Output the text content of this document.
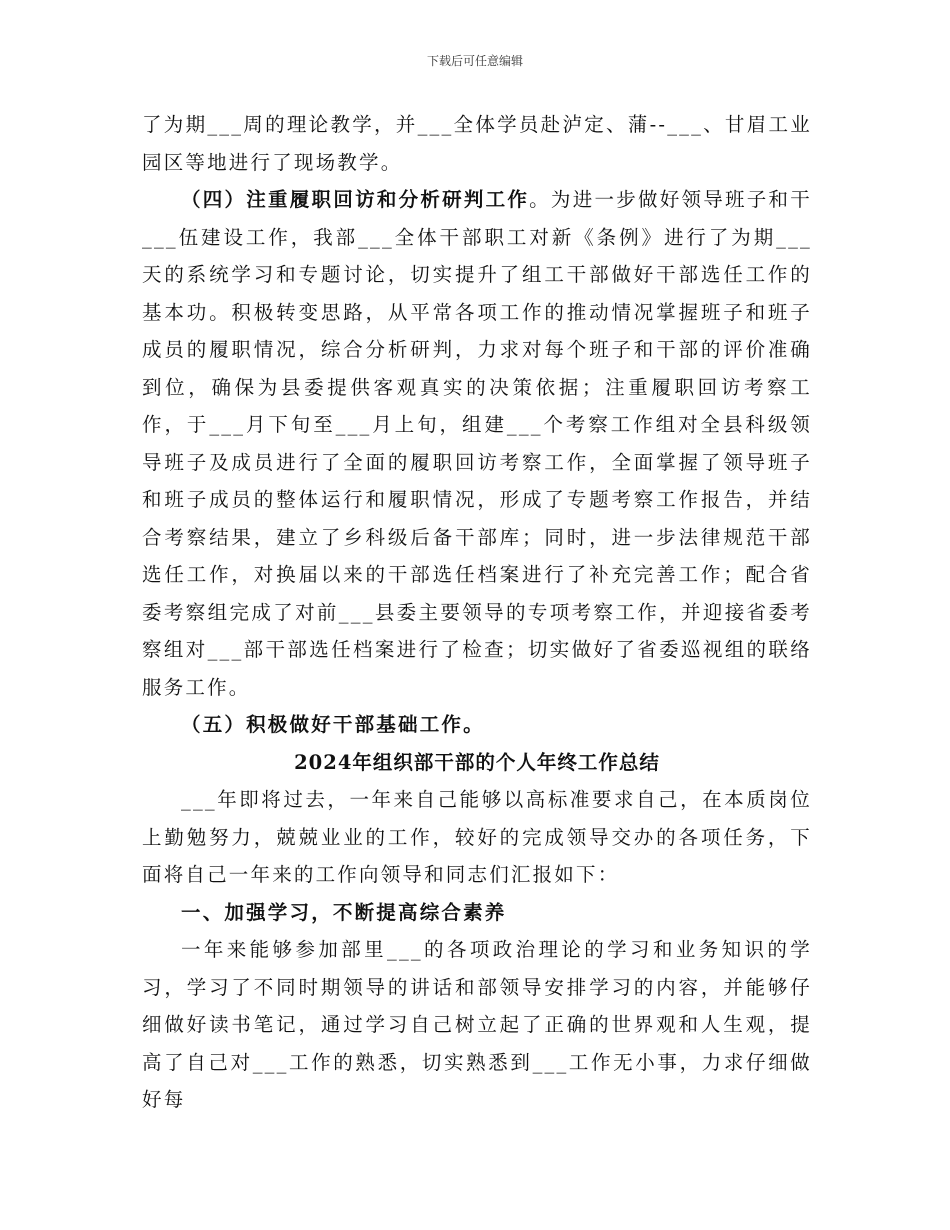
下载后可任意编辑

了为期___周的理论教学，并___全体学员赴泸定、蒲--___、甘眉工业园区等地进行了现场教学。

（四）注重履职回访和分析研判工作。为进一步做好领导班子和干___伍建设工作，我部___全体干部职工对新《条例》进行了为期___天的系统学习和专题讨论，切实提升了组工干部做好干部选任工作的基本功。积极转变思路，从平常各项工作的推动情况掌握班子和班子成员的履职情况，综合分析研判，力求对每个班子和干部的评价准确到位，确保为县委提供客观真实的决策依据；注重履职回访考察工作，于___月下旬至___月上旬，组建___个考察工作组对全县科级领导班子及成员进行了全面的履职回访考察工作，全面掌握了领导班子和班子成员的整体运行和履职情况，形成了专题考察工作报告，并结合考察结果，建立了乡科级后备干部库；同时，进一步法律规范干部选任工作，对换届以来的干部选任档案进行了补充完善工作；配合省委考察组完成了对前___县委主要领导的专项考察工作，并迎接省委考察组对___部干部选任档案进行了检查；切实做好了省委巡视组的联络服务工作。

（五）积极做好干部基础工作。

2024年组织部干部的个人年终工作总结

___年即将过去，一年来自己能够以高标准要求自己，在本质岗位上勤勉努力，兢兢业业的工作，较好的完成领导交办的各项任务，下面将自己一年来的工作向领导和同志们汇报如下：

一、加强学习，不断提高综合素养

一年来能够参加部里___的各项政治理论的学习和业务知识的学习，学习了不同时期领导的讲话和部领导安排学习的内容，并能够仔细做好读书笔记，通过学习自己树立起了正确的世界观和人生观，提高了自己对___工作的熟悉，切实熟悉到___工作无小事，力求仔细做好每
